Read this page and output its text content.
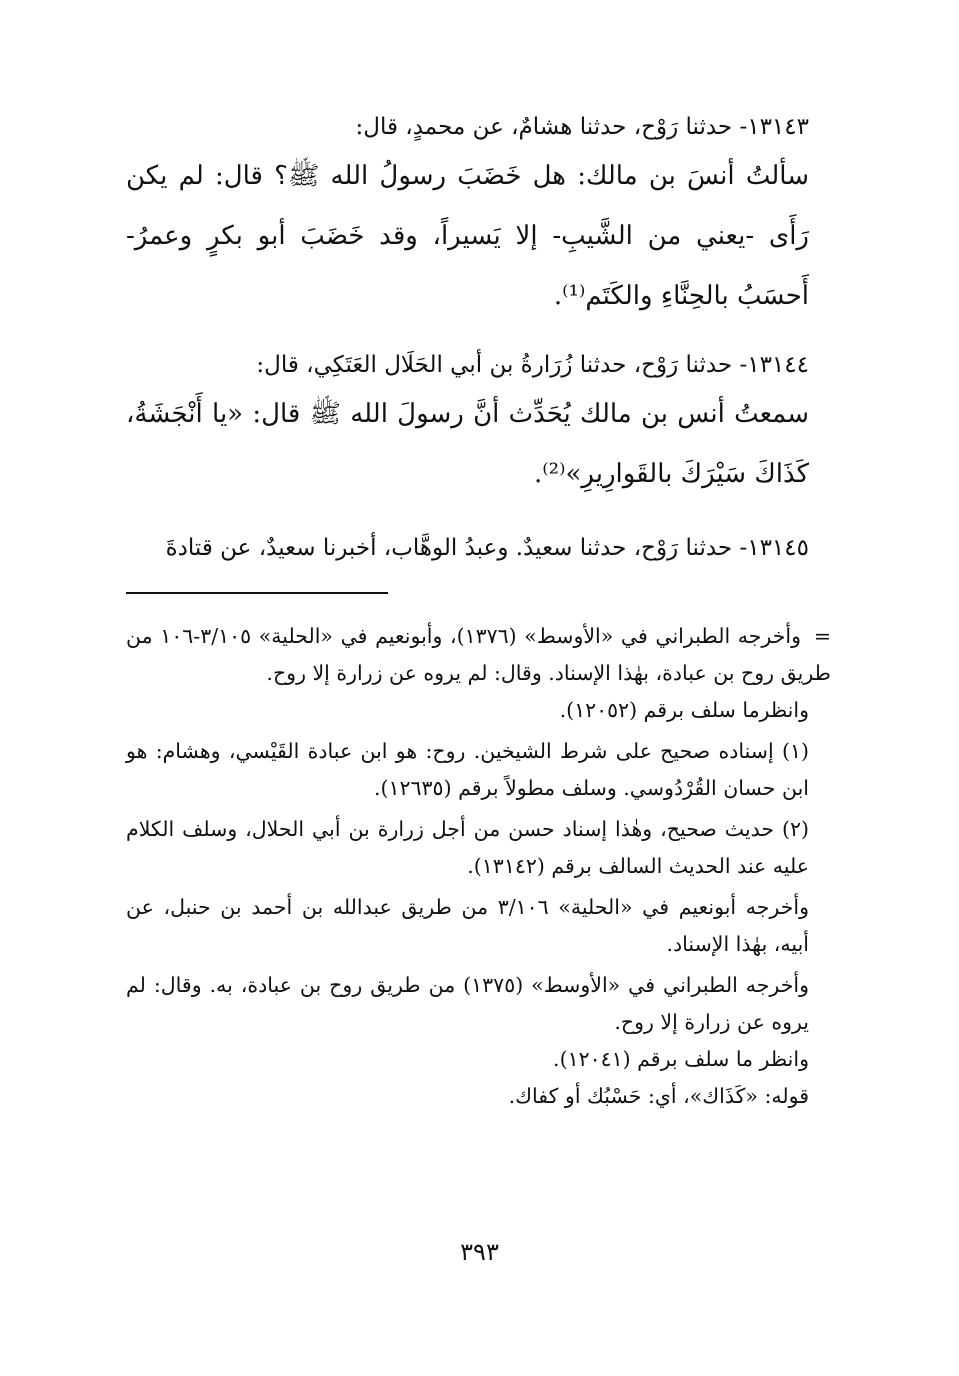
١٣١٤٣- حدثنا رَوْح، حدثنا هشامٌ، عن محمدٍ، قال:

سألتُ أنسَ بن مالك: هل خَضَبَ رسولُ الله ﷺ؟ قال: لم يكن رَأَى -يعني من الشَّيبِ- إلا يَسيراً، وقد خَضَبَ أبو بكرٍ وعمرُ- أَحسَبُ بالحِنَّاءِ والكَتَم⁽¹⁾.

١٣١٤٤- حدثنا رَوْح، حدثنا زُرَارةُ بن أبي الحَلَال العَتَكِي، قال:

سمعتُ أنس بن مالك يُحَدِّث أنَّ رسولَ الله ﷺ قال: «يا أَنْجَشَةُ، كَذَاكَ سَيْرَكَ بالقَوارِيرِ»⁽²⁾.

١٣١٤٥- حدثنا رَوْح، حدثنا سعيدٌ. وعبدُ الوهَّاب، أخبرنا سعيدٌ، عن قتادةَ

=وأخرجه الطبراني في «الأوسط» (١٣٧٦)، وأبونعيم في «الحلية» ٣/١٠٥-١٠٦ من طريق روح بن عبادة، بهٰذا الإسناد. وقال: لم يروه عن زرارة إلا روح.

وانظرما سلف برقم (١٢٠٥٢).

(١) إسناده صحيح على شرط الشيخين. روح: هو ابن عبادة القَيْسي، وهشام: هو ابن حسان القُرْدُوسي. وسلف مطولاً برقم (١٢٦٣٥).

(٢) حديث صحيح، وهٰذا إسناد حسن من أجل زرارة بن أبي الحلال، وسلف الكلام عليه عند الحديث السالف برقم (١٣١٤٢).

وأخرجه أبونعيم في «الحلية» ٣/١٠٦ من طريق عبدالله بن أحمد بن حنبل، عن أبيه، بهٰذا الإسناد.

وأخرجه الطبراني في «الأوسط» (١٣٧٥) من طريق روح بن عبادة، به. وقال: لم يروه عن زرارة إلا روح.

وانظر ما سلف برقم (١٢٠٤١).

قوله: «كَذَاك»، أي: حَسْبُك أو كفاك.

٣٩٣
